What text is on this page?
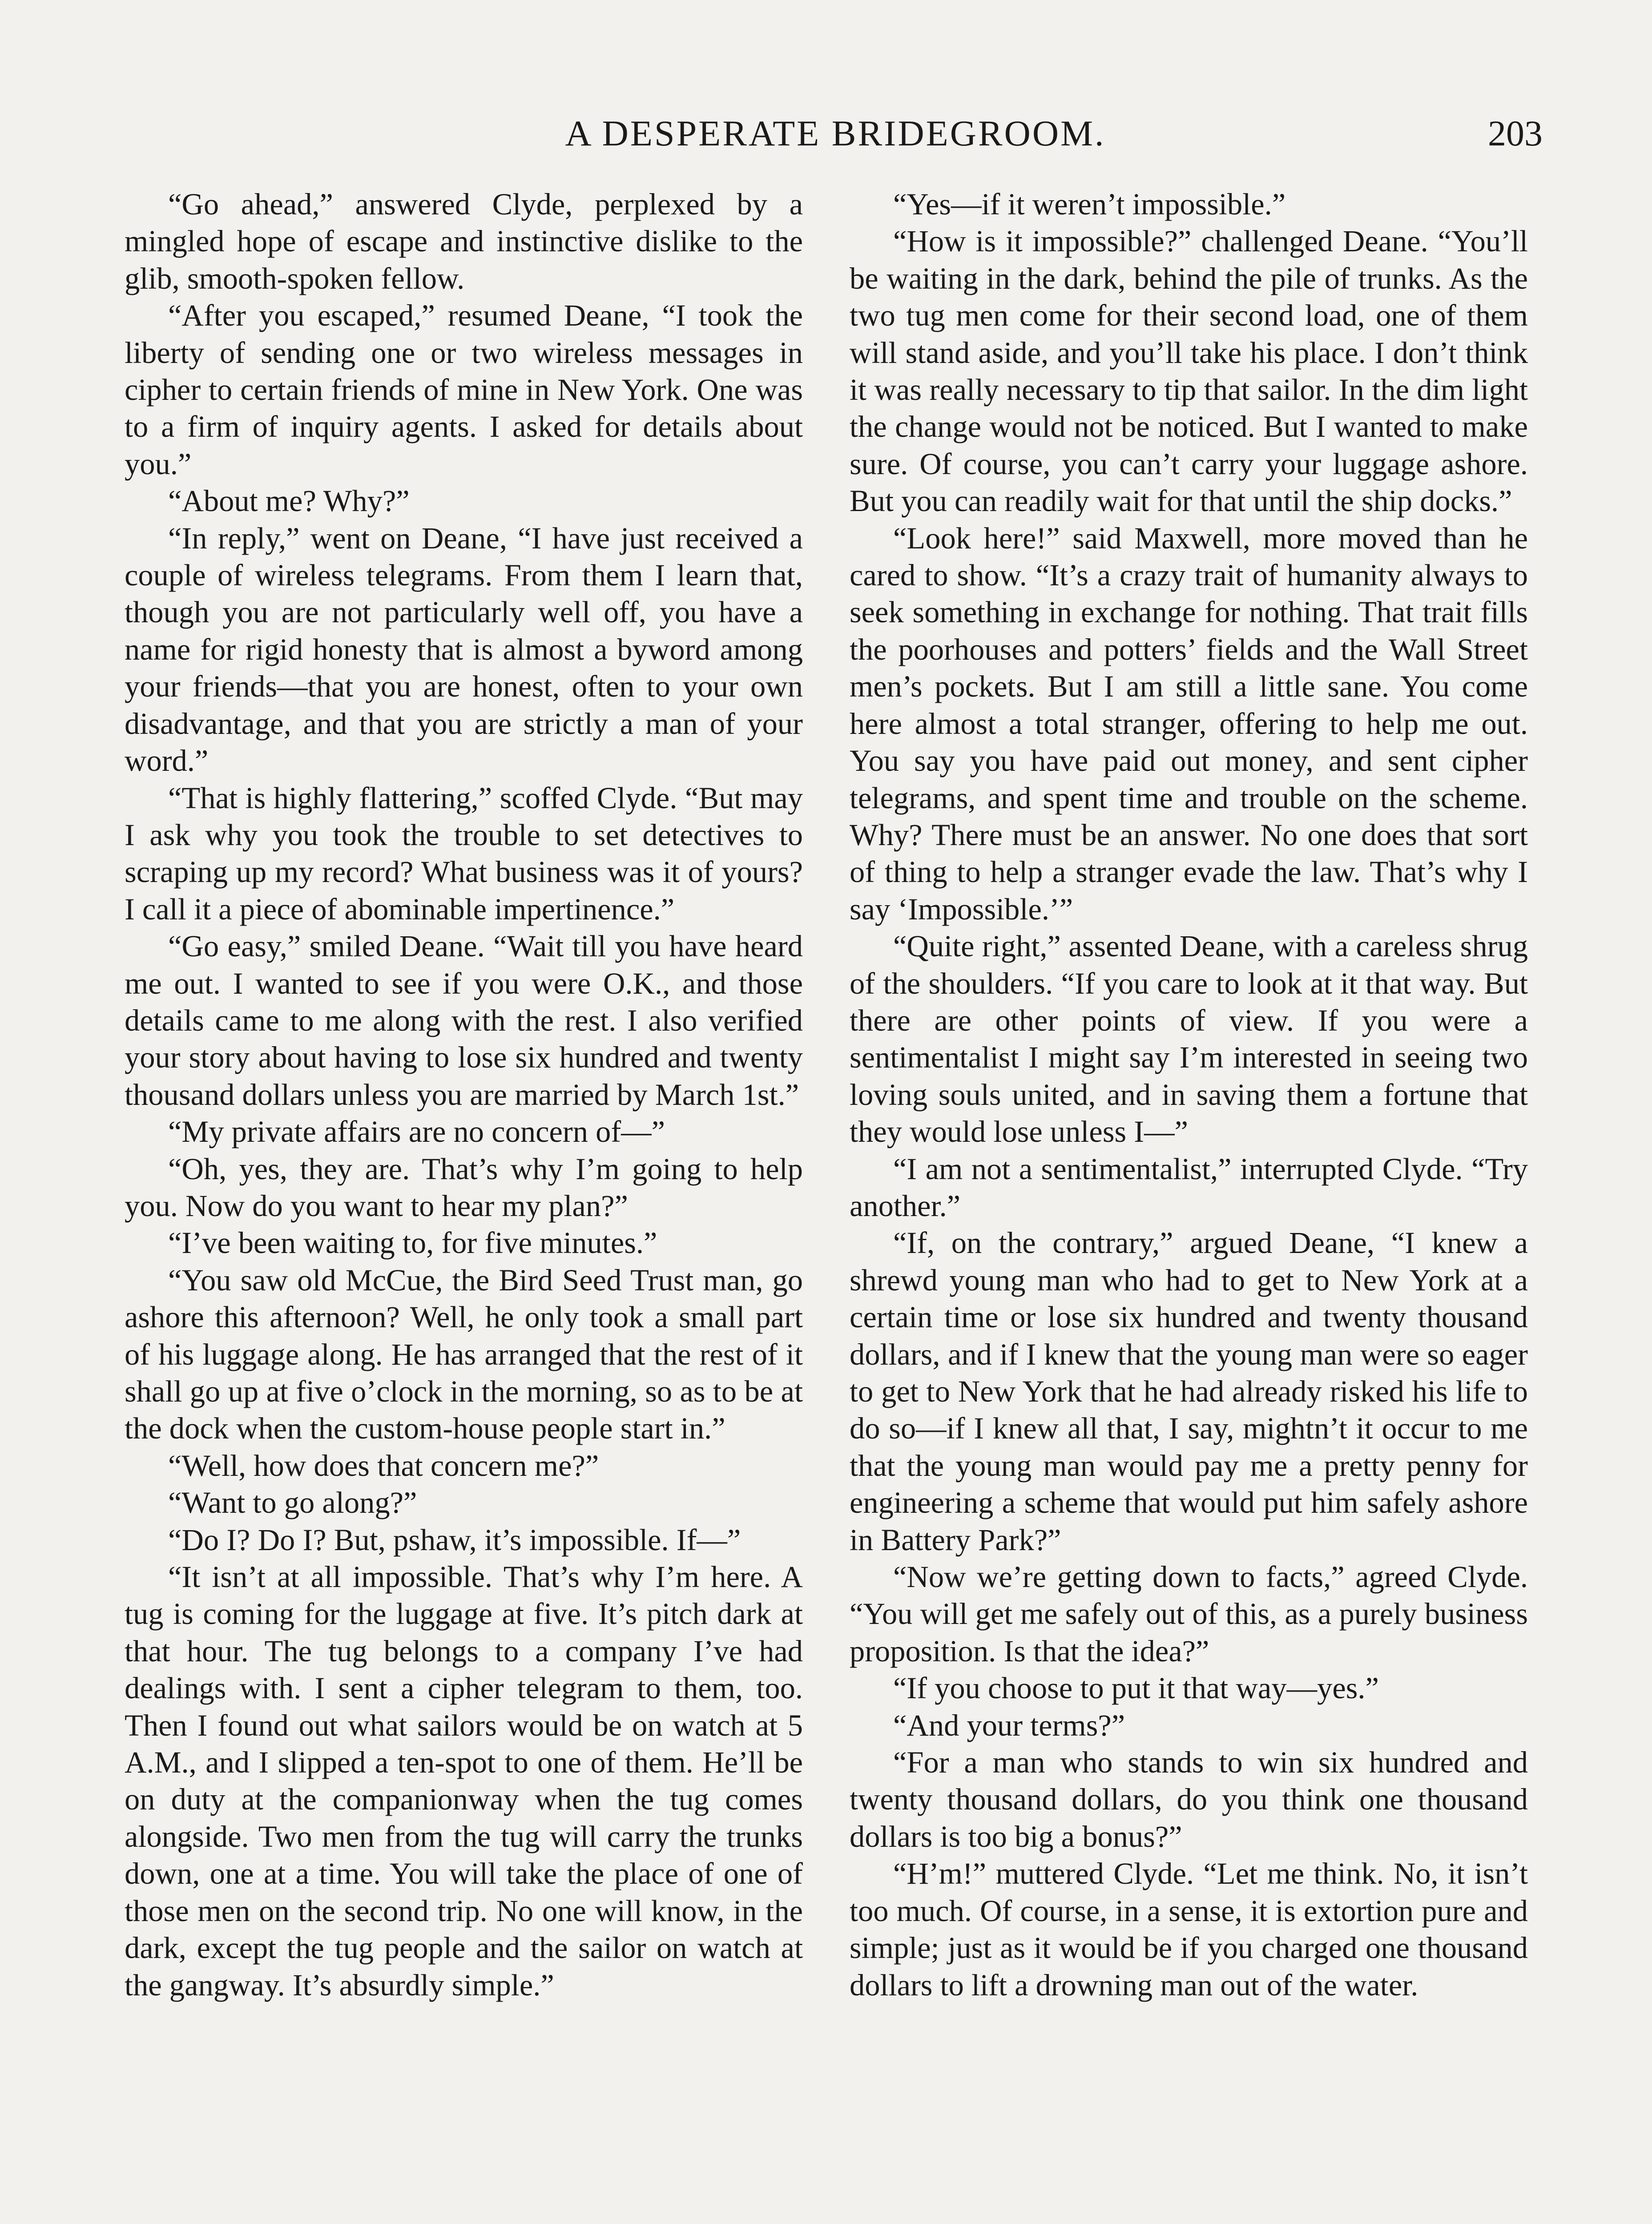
A DESPERATE BRIDEGROOM.	203

“Go ahead,” answered Clyde, perplexed by a mingled hope of escape and instinctive dislike to the glib, smooth-spoken fellow.

“After you escaped,” resumed Deane, “I took the liberty of sending one or two wireless messages in cipher to certain friends of mine in New York. One was to a firm of inquiry agents. I asked for details about you.”

“About me? Why?”

“In reply,” went on Deane, “I have just received a couple of wireless telegrams. From them I learn that, though you are not particularly well off, you have a name for rigid honesty that is almost a byword among your friends—that you are honest, often to your own disadvantage, and that you are strictly a man of your word.”

“That is highly flattering,” scoffed Clyde. “But may I ask why you took the trouble to set detectives to scraping up my record? What business was it of yours? I call it a piece of abominable impertinence.”

“Go easy,” smiled Deane. “Wait till you have heard me out. I wanted to see if you were O.K., and those details came to me along with the rest. I also verified your story about having to lose six hundred and twenty thousand dollars unless you are married by March 1st.”

“My private affairs are no concern of—”

“Oh, yes, they are. That’s why I’m going to help you. Now do you want to hear my plan?”

“I’ve been waiting to, for five minutes.”

“You saw old McCue, the Bird Seed Trust man, go ashore this afternoon? Well, he only took a small part of his luggage along. He has arranged that the rest of it shall go up at five o’clock in the morning, so as to be at the dock when the custom-house people start in.”

“Well, how does that concern me?”

“Want to go along?”

“Do I? Do I? But, pshaw, it’s impossible. If—”

“It isn’t at all impossible. That’s why I’m here. A tug is coming for the luggage at five. It’s pitch dark at that hour. The tug belongs to a company I’ve had dealings with. I sent a cipher telegram to them, too. Then I found out what sailors would be on watch at 5 A.M., and I slipped a ten-spot to one of them. He’ll be on duty at the companionway when the tug comes alongside. Two men from the tug will carry the trunks down, one at a time. You will take the place of one of those men on the second trip. No one will know, in the dark, except the tug people and the sailor on watch at the gangway. It’s absurdly simple.”

“Yes—if it weren’t impossible.”

“How is it impossible?” challenged Deane. “You’ll be waiting in the dark, behind the pile of trunks. As the two tug men come for their second load, one of them will stand aside, and you’ll take his place. I don’t think it was really necessary to tip that sailor. In the dim light the change would not be noticed. But I wanted to make sure. Of course, you can’t carry your luggage ashore. But you can readily wait for that until the ship docks.”

“Look here!” said Maxwell, more moved than he cared to show. “It’s a crazy trait of humanity always to seek something in exchange for nothing. That trait fills the poorhouses and potters’ fields and the Wall Street men’s pockets. But I am still a little sane. You come here almost a total stranger, offering to help me out. You say you have paid out money, and sent cipher telegrams, and spent time and trouble on the scheme. Why? There must be an answer. No one does that sort of thing to help a stranger evade the law. That’s why I say ‘Impossible.’”

“Quite right,” assented Deane, with a careless shrug of the shoulders. “If you care to look at it that way. But there are other points of view. If you were a sentimentalist I might say I’m interested in seeing two loving souls united, and in saving them a fortune that they would lose unless I—”

“I am not a sentimentalist,” interrupted Clyde. “Try another.”

“If, on the contrary,” argued Deane, “I knew a shrewd young man who had to get to New York at a certain time or lose six hundred and twenty thousand dollars, and if I knew that the young man were so eager to get to New York that he had already risked his life to do so—if I knew all that, I say, mightn’t it occur to me that the young man would pay me a pretty penny for engineering a scheme that would put him safely ashore in Battery Park?”

“Now we’re getting down to facts,” agreed Clyde. “You will get me safely out of this, as a purely business proposition. Is that the idea?”

“If you choose to put it that way—yes.”

“And your terms?”

“For a man who stands to win six hundred and twenty thousand dollars, do you think one thousand dollars is too big a bonus?”

“H’m!” muttered Clyde. “Let me think. No, it isn’t too much. Of course, in a sense, it is extortion pure and simple; just as it would be if you charged one thousand dollars to lift a drowning man out of the water.
